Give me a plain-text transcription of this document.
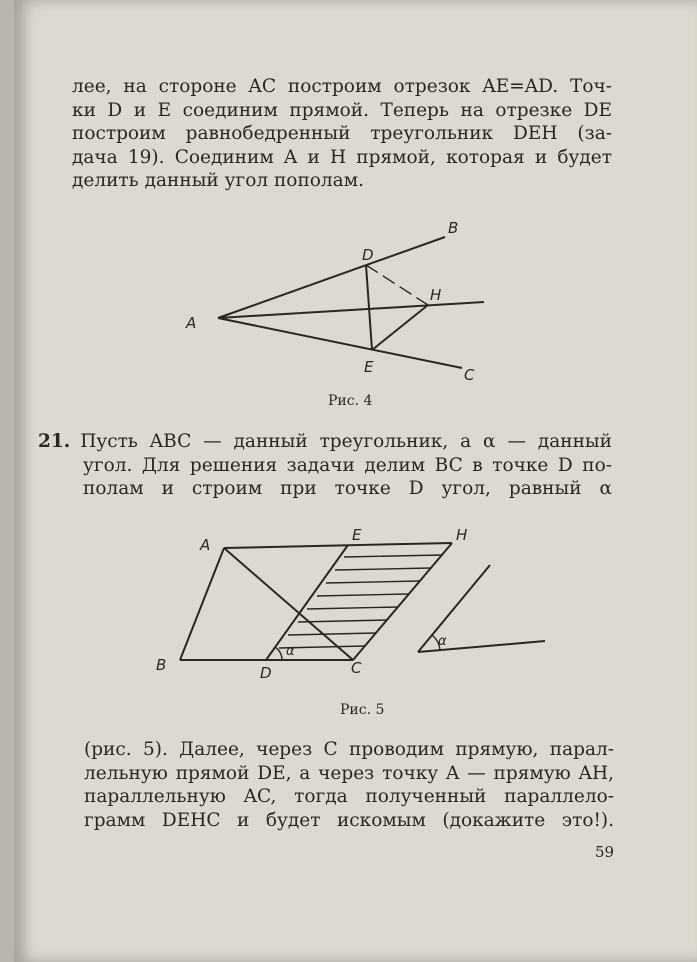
лее, на стороне AC построим отрезок AE=AD. Точ-
ки D и E соединим прямой. Теперь на отрезке DE
построим равнобедренный треугольник DEH (за-
дача 19). Соединим A и H прямой, которая и будет
делить данный угол пополам.

A
B
C
D
E
H
α
A
E	H
B	D	C
α
Рис. 4

21. Пусть ABC — данный треугольник, а α — данный
угол. Для решения задачи делим BC в точке D по-
полам и строим при точке D угол, равный α

Рис. 5

(рис. 5). Далее, через C проводим прямую, парал-
лельную прямой DE, а через точку A — прямую AH,
параллельную AC, тогда полученный параллело-
грамм DEHC и будет искомым (докажите это!).

59
